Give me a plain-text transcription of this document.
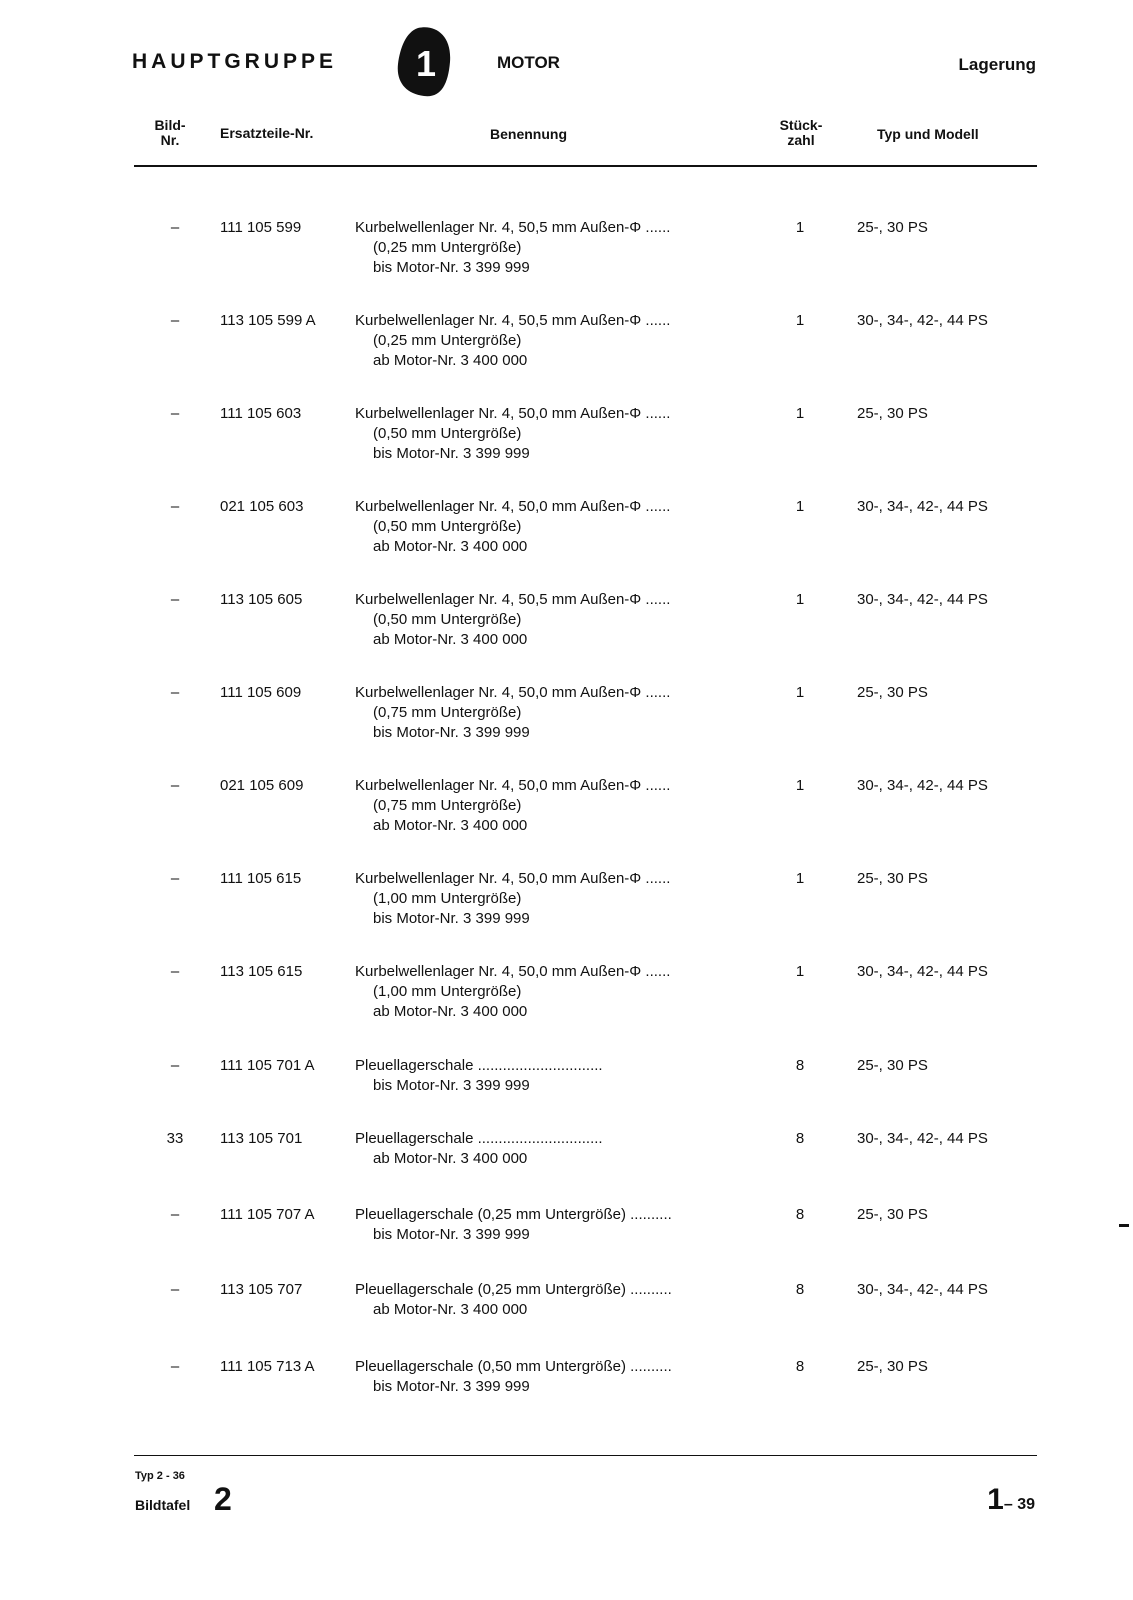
HAUPTGRUPPE 1	MOTOR	Lagerung
Bild-
Nr.	Ersatzteile-Nr.	Benennung
Stück-
zahl	Typ und Modell
–	111 105 599	Kurbelwellenlager Nr. 4, 50,5 mm Außen-Φ ......
(0,25 mm Untergröße)
bis Motor-Nr. 3 399 999
1	25-, 30 PS
–	113 105 599 A	Kurbelwellenlager Nr. 4, 50,5 mm Außen-Φ ......
(0,25 mm Untergröße)
ab Motor-Nr. 3 400 000
1	30-, 34-, 42-, 44 PS
–	111 105 603	Kurbelwellenlager Nr. 4, 50,0 mm Außen-Φ ......
(0,50 mm Untergröße)
bis Motor-Nr. 3 399 999
1	25-, 30 PS
–	021 105 603	Kurbelwellenlager Nr. 4, 50,0 mm Außen-Φ ......
(0,50 mm Untergröße)
ab Motor-Nr. 3 400 000
1	30-, 34-, 42-, 44 PS
–	113 105 605	Kurbelwellenlager Nr. 4, 50,5 mm Außen-Φ ......
(0,50 mm Untergröße)
ab Motor-Nr. 3 400 000
1	30-, 34-, 42-, 44 PS
–	111 105 609	Kurbelwellenlager Nr. 4, 50,0 mm Außen-Φ ......
(0,75 mm Untergröße)
bis Motor-Nr. 3 399 999
1	25-, 30 PS
–	021 105 609	Kurbelwellenlager Nr. 4, 50,0 mm Außen-Φ ......
(0,75 mm Untergröße)
ab Motor-Nr. 3 400 000
1	30-, 34-, 42-, 44 PS
–	111 105 615	Kurbelwellenlager Nr. 4, 50,0 mm Außen-Φ ......
(1,00 mm Untergröße)
bis Motor-Nr. 3 399 999
1	25-, 30 PS
–	113 105 615	Kurbelwellenlager Nr. 4, 50,0 mm Außen-Φ ......
(1,00 mm Untergröße)
ab Motor-Nr. 3 400 000
1	30-, 34-, 42-, 44 PS
–	111 105 701 A	Pleuellagerschale ..............................
bis Motor-Nr. 3 399 999
8	25-, 30 PS
33	113 105 701	Pleuellagerschale ..............................
ab Motor-Nr. 3 400 000
8	30-, 34-, 42-, 44 PS
–	111 105 707 A	Pleuellagerschale (0,25 mm Untergröße) ..........
bis Motor-Nr. 3 399 999
8	25-, 30 PS
–	113 105 707	Pleuellagerschale (0,25 mm Untergröße) ..........
ab Motor-Nr. 3 400 000
8	30-, 34-, 42-, 44 PS
–	111 105 713 A	Pleuellagerschale (0,50 mm Untergröße) ..........
bis Motor-Nr. 3 399 999
8	25-, 30 PS
Typ 2 - 36
Bildtafel 2	1– 39
